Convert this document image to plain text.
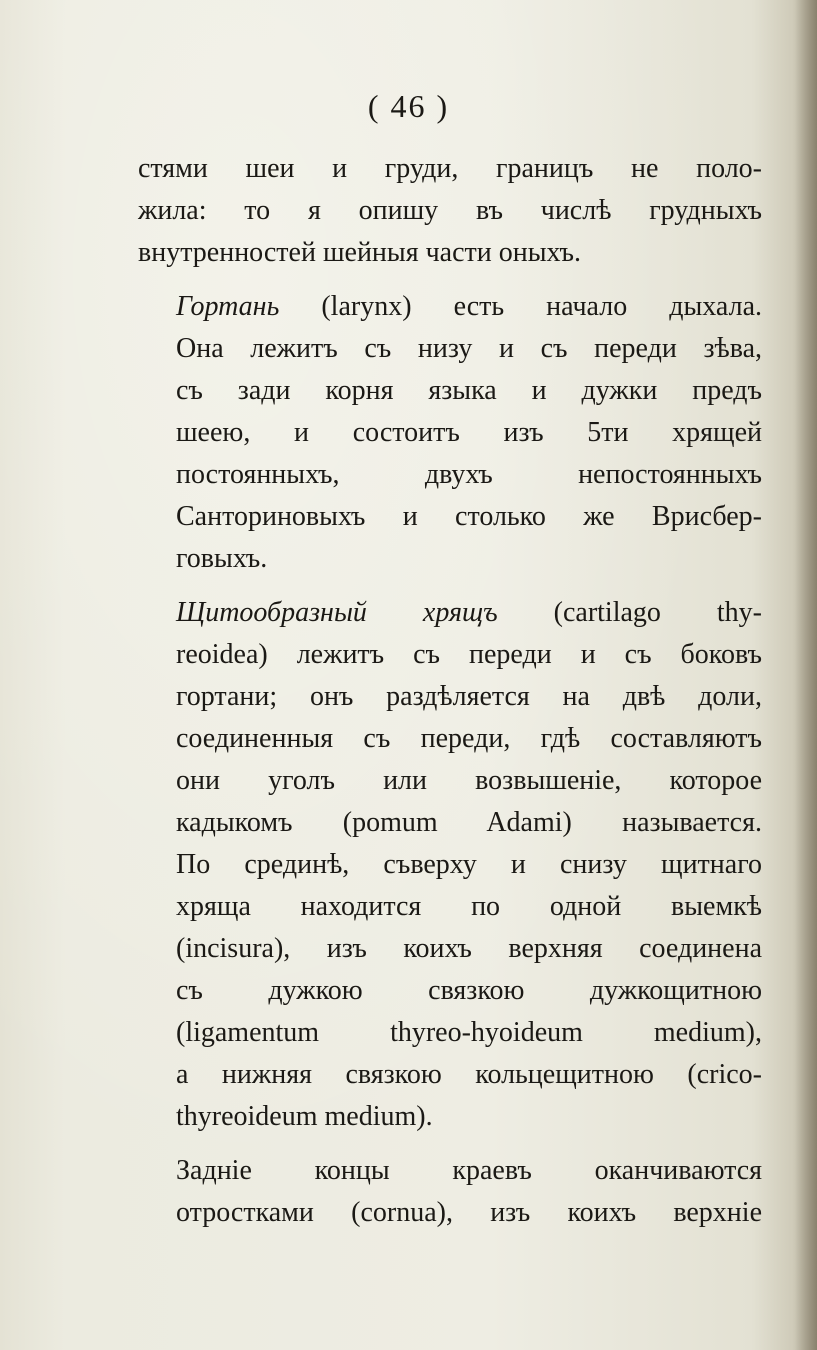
( 46 )

стями шеи и груди, границъ не поло-
жила: то я опишу въ числѣ грудныхъ
внутренностей шейныя части оныхъ.

Гортань (larynx) есть начало дыхала.
Она лежитъ съ низу и съ переди зѣва,
съ зади корня языка и дужки предъ
шеею, и состоитъ изъ 5ти хрящей
постоянныхъ, двухъ непостоянныхъ
Санториновыхъ и столько же Врисбер-
говыхъ.

Щитообразный хрящъ (cartilago thy-
reoidea) лежитъ съ переди и съ боковъ
гортани; онъ раздѣляется на двѣ доли,
соединенныя съ переди, гдѣ составляютъ
они уголъ или возвышеніе, которое
кадыкомъ (pomum Adami) называется.
По срединѣ, съверху и снизу щитнаго
хряща находится по одной выемкѣ
(incisura), изъ коихъ верхняя соединена
съ дужкою связкою дужкощитною
(ligamentum thyreo-hyoideum medium),
а нижняя связкою кольцещитною (crico-
thyreoideum medium).

Задніе концы краевъ оканчиваются
отростками (cornua), изъ коихъ верхніе
